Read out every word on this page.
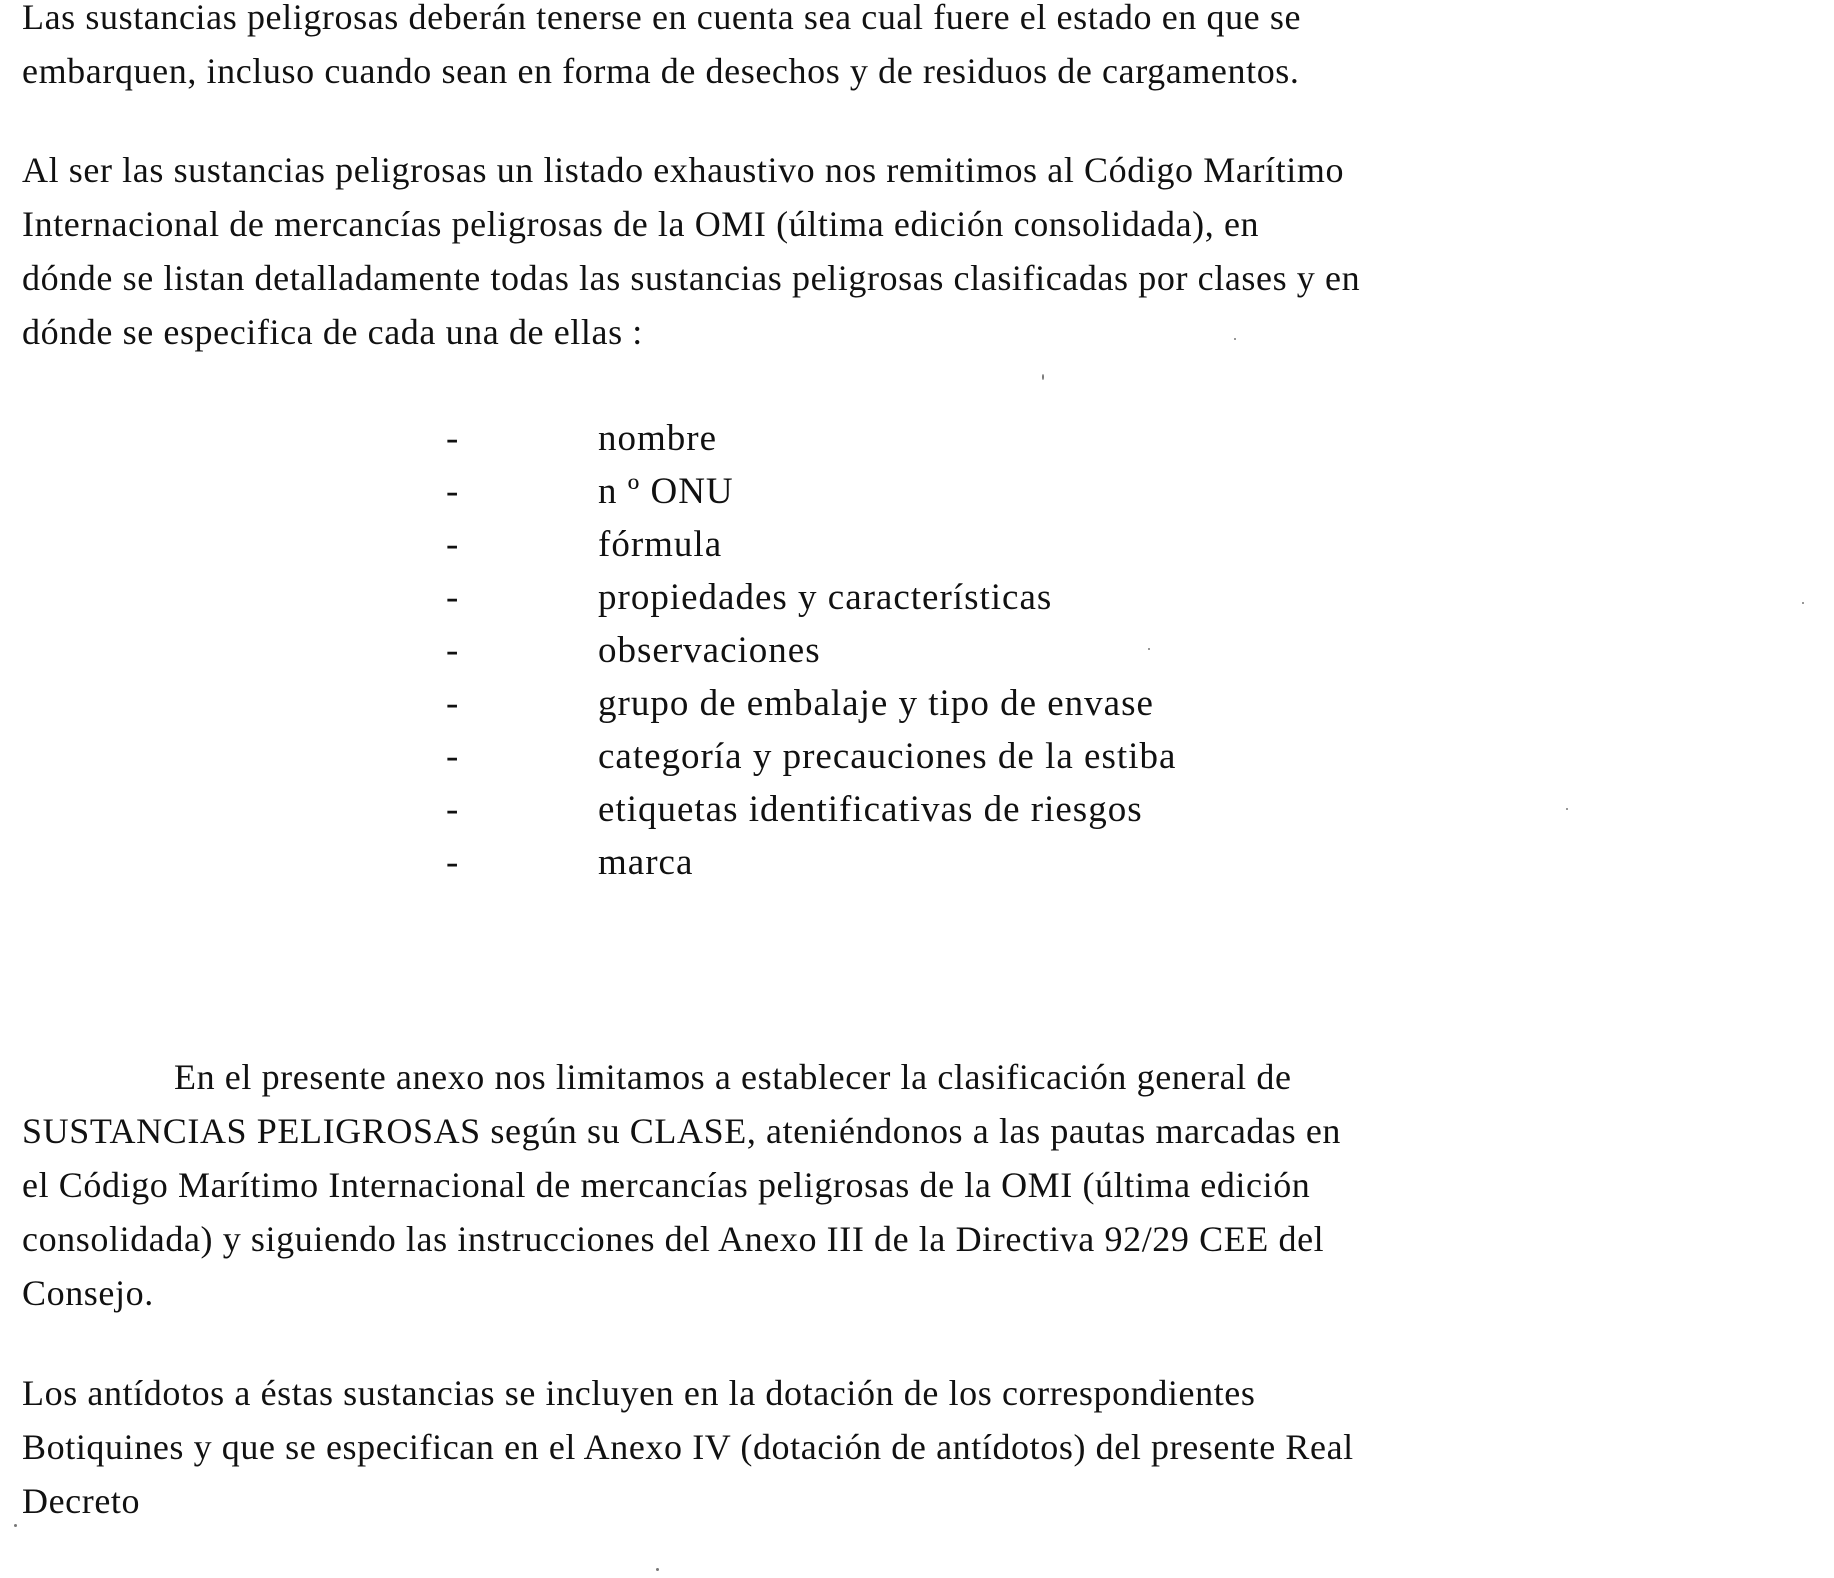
Las sustancias peligrosas deberán tenerse en cuenta sea cual fuere el estado en que se
embarquen, incluso cuando sean en forma de desechos y de residuos de cargamentos.
Al ser las sustancias peligrosas un listado exhaustivo nos remitimos al Código Marítimo
Internacional de mercancías peligrosas de la OMI (última edición consolidada), en
dónde se listan detalladamente todas las sustancias peligrosas clasificadas por clases y en
dónde se especifica de cada una de ellas :
-	nombre
-	n º ONU
-	fórmula
-	propiedades y características
-	observaciones
-	grupo de embalaje y tipo de envase
-	categoría y precauciones de la estiba
-	etiquetas identificativas de riesgos
-	marca
En el presente anexo nos limitamos a establecer la clasificación general de
SUSTANCIAS PELIGROSAS según su CLASE, ateniéndonos a las pautas marcadas en
el Código Marítimo Internacional de mercancías peligrosas de la OMI (última edición
consolidada) y siguiendo las instrucciones del Anexo III de la Directiva 92/29 CEE del
Consejo.
Los antídotos a éstas sustancias se incluyen en la dotación de los correspondientes
Botiquines y que se especifican en el Anexo IV (dotación de antídotos) del presente Real
Decreto
